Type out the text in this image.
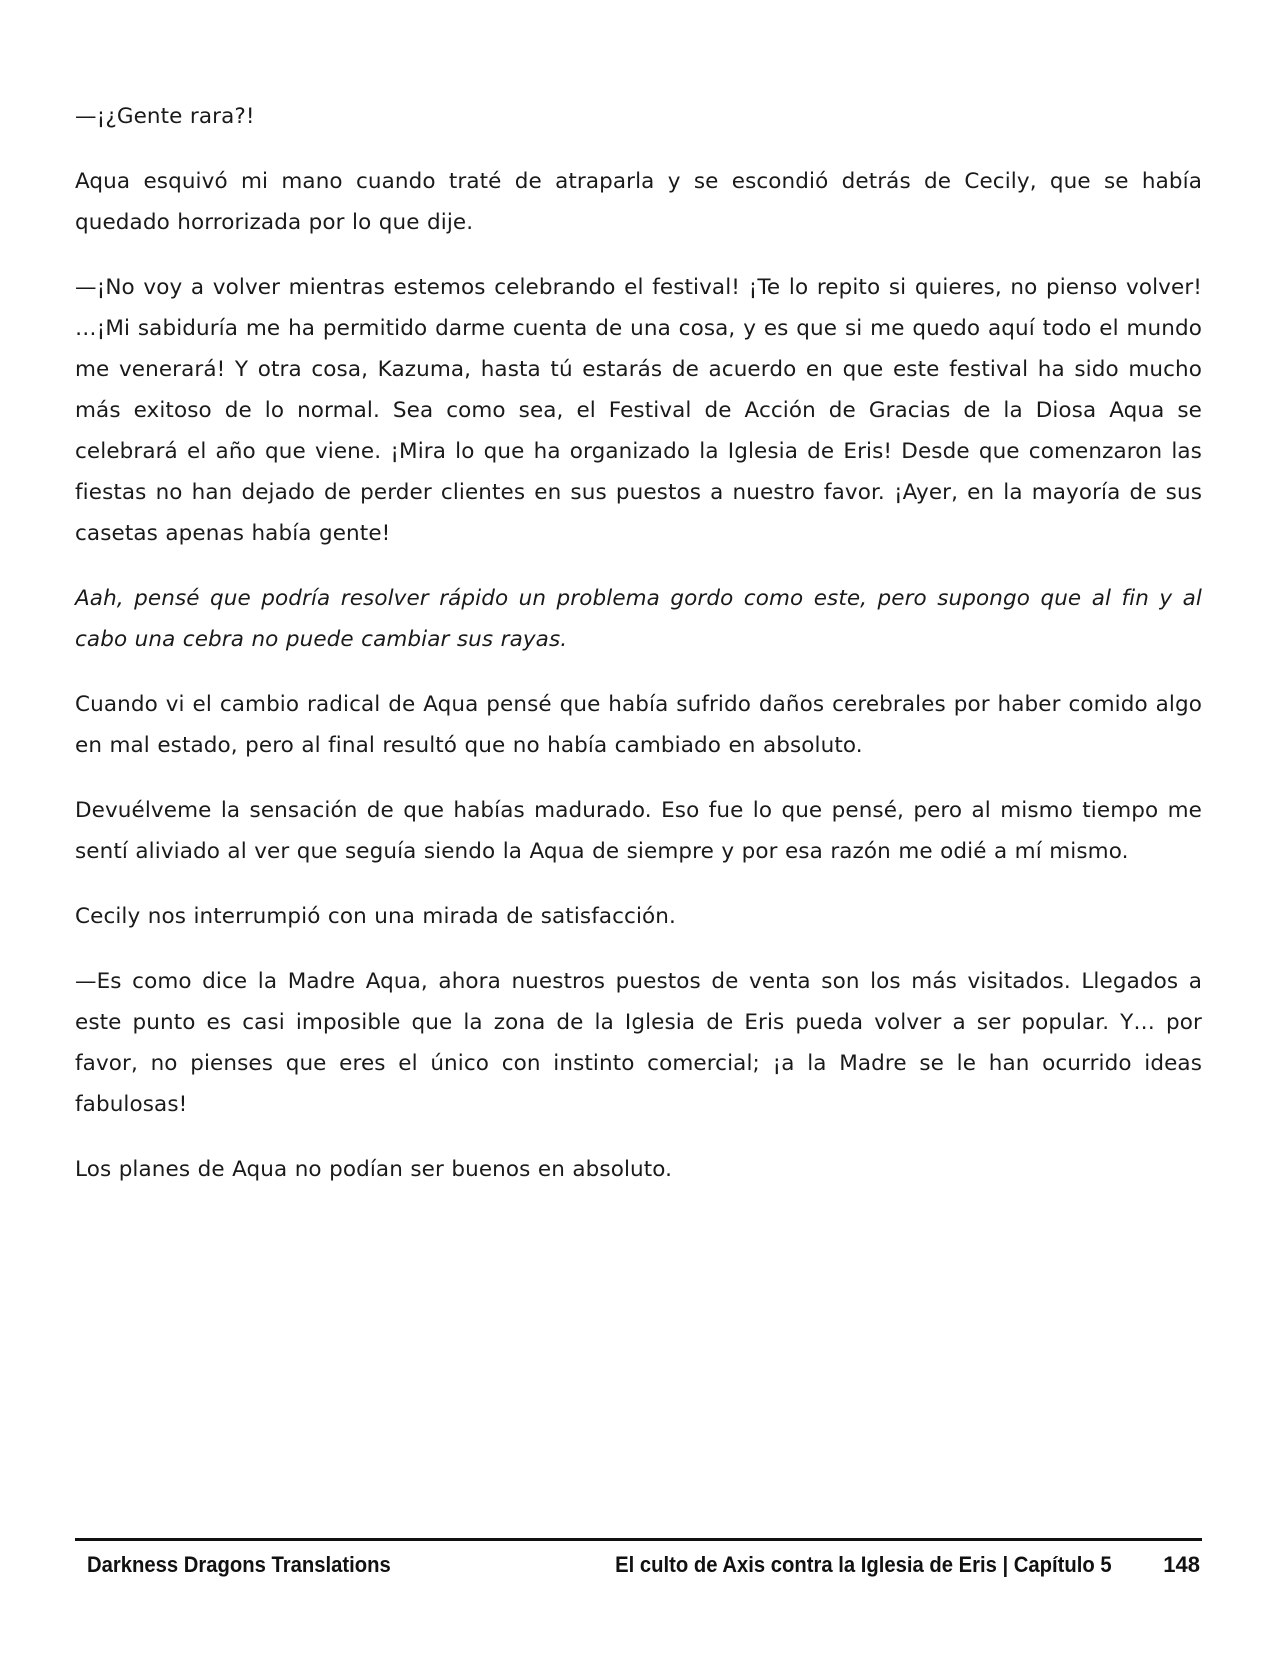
—¡¿Gente rara?!

Aqua esquivó mi mano cuando traté de atraparla y se escondió detrás de Cecily, que se había quedado horrorizada por lo que dije.

—¡No voy a volver mientras estemos celebrando el festival! ¡Te lo repito si quieres, no pienso volver! …¡Mi sabiduría me ha permitido darme cuenta de una cosa, y es que si me quedo aquí todo el mundo me venerará! Y otra cosa, Kazuma, hasta tú estarás de acuerdo en que este festival ha sido mucho más exitoso de lo normal. Sea como sea, el Festival de Acción de Gracias de la Diosa Aqua se celebrará el año que viene. ¡Mira lo que ha organizado la Iglesia de Eris! Desde que comenzaron las fiestas no han dejado de perder clientes en sus puestos a nuestro favor. ¡Ayer, en la mayoría de sus casetas apenas había gente!

Aah, pensé que podría resolver rápido un problema gordo como este, pero supongo que al fin y al cabo una cebra no puede cambiar sus rayas.

Cuando vi el cambio radical de Aqua pensé que había sufrido daños cerebrales por haber comido algo en mal estado, pero al final resultó que no había cambiado en absoluto.

Devuélveme la sensación de que habías madurado. Eso fue lo que pensé, pero al mismo tiempo me sentí aliviado al ver que seguía siendo la Aqua de siempre y por esa razón me odié a mí mismo.

Cecily nos interrumpió con una mirada de satisfacción.

—Es como dice la Madre Aqua, ahora nuestros puestos de venta son los más visitados. Llegados a este punto es casi imposible que la zona de la Iglesia de Eris pueda volver a ser popular. Y… por favor, no pienses que eres el único con instinto comercial; ¡a la Madre se le han ocurrido ideas fabulosas!

Los planes de Aqua no podían ser buenos en absoluto.

Darkness Dragons Translations	El culto de Axis contra la Iglesia de Eris | Capítulo 5 148
